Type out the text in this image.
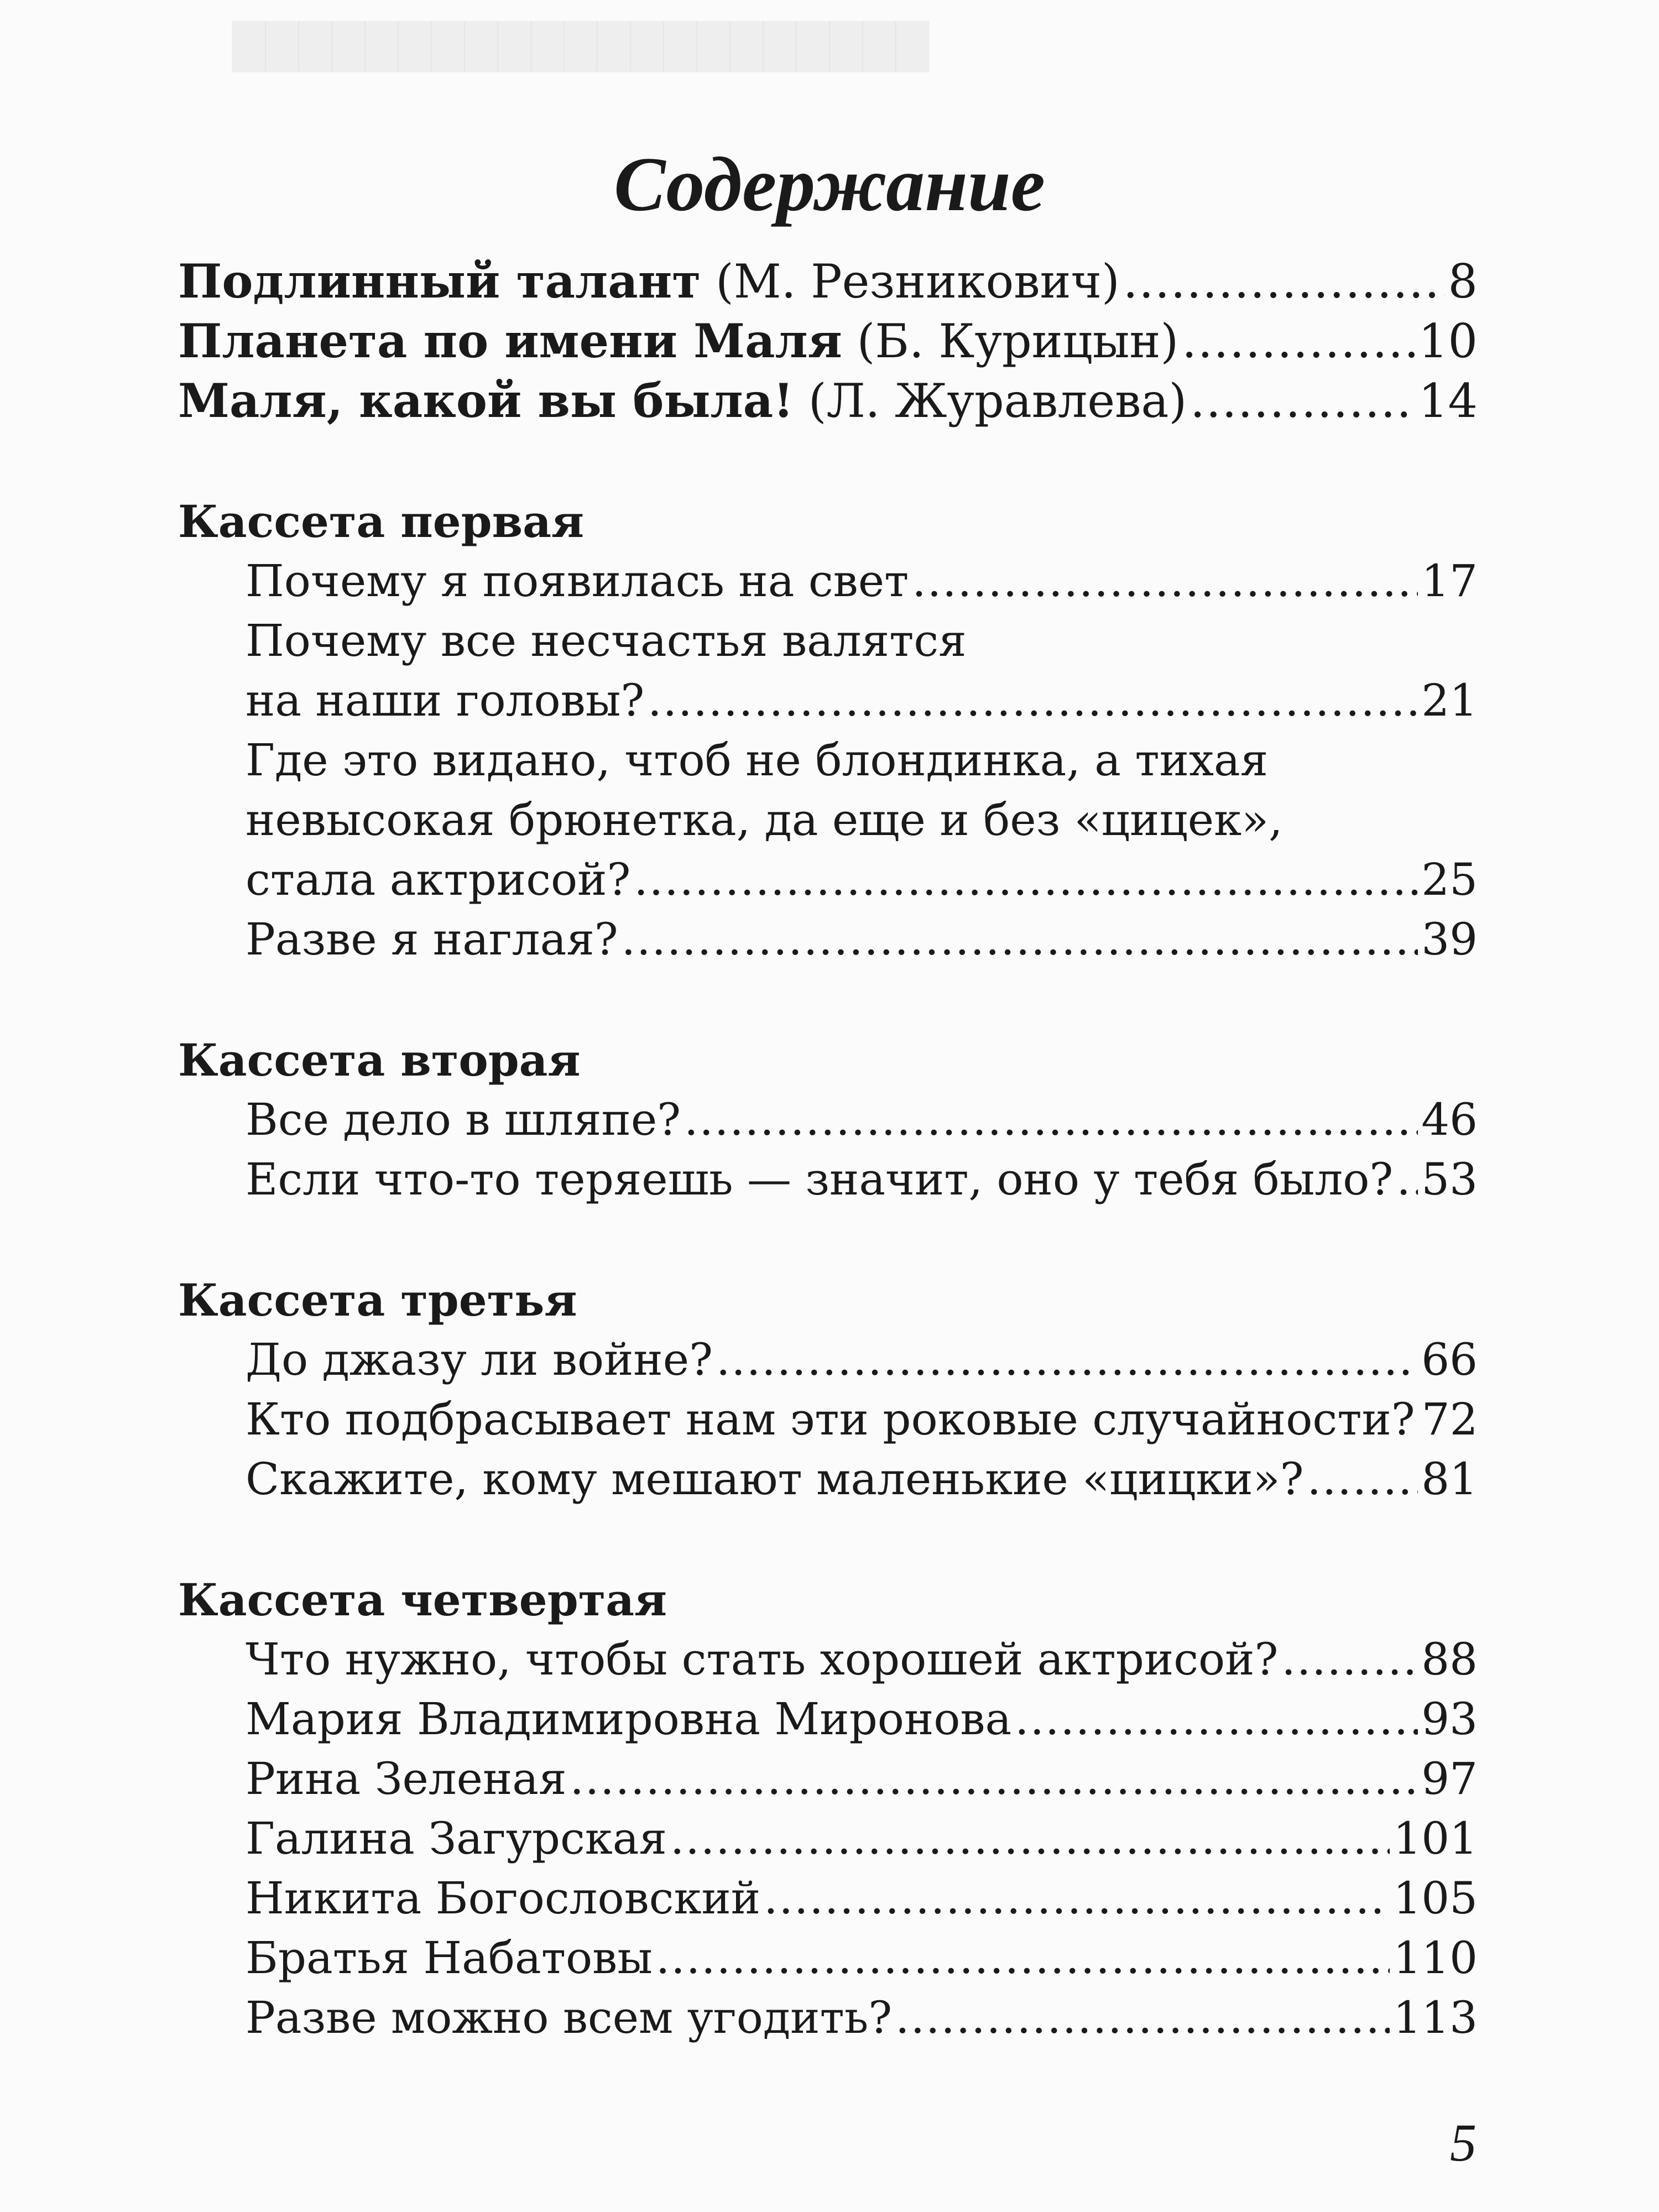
█████████████████████
Содержание
Подлинный талант (М. Резникович) .....	8
Планета по имени Маля (Б. Курицын) .....	10
Маля, какой вы была! (Л. Журавлева) .....	14
Кассета первая
Почему я появилась на свет .....	17
Почему все несчастья валятся
на наши головы? .....	21
Где это видано, чтоб не блондинка, а тихая
невысокая брюнетка, да еще и без «цицек»,
стала актрисой? .....	25
Разве я наглая? .....	39
Кассета вторая
Все дело в шляпе? .....	46
Если что-то теряешь — значит, оно у тебя было? ..... 53
Кассета третья
До джазу ли войне? .....	66
Кто подбрасывает нам эти роковые случайности? 72
Скажите, кому мешают маленькие «цицки»? .....	81
Кассета четвертая
Что нужно, чтобы стать хорошей актрисой? .....	88
Мария Владимировна Миронова .....	93
Рина Зеленая .....	97
Галина Загурская .....	101
Никита Богословский .....	105
Братья Набатовы .....	110
Разве можно всем угодить? .....	113
5
